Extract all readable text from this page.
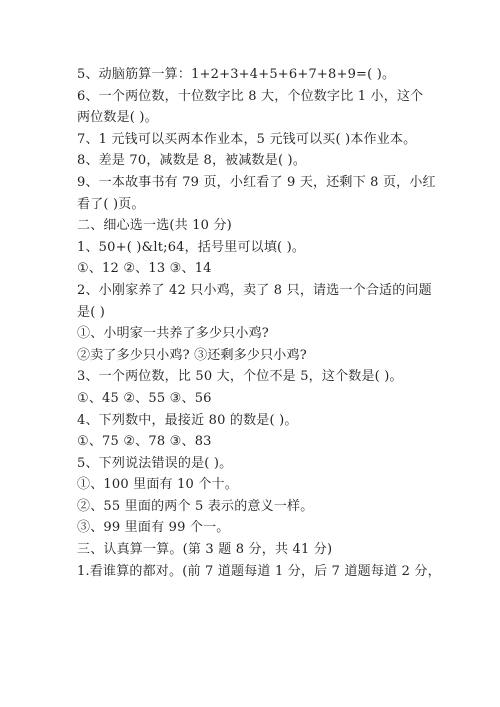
5、动脑筋算一算：1+2+3+4+5+6+7+8+9=( )。
6、一个两位数，十位数字比 8 大，个位数字比 1 小，这个
两位数是( )。
7、1 元钱可以买两本作业本，5 元钱可以买( )本作业本。
8、差是 70，减数是 8，被减数是( )。
9、一本故事书有 79 页，小红看了 9 天，还剩下 8 页，小红
看了( )页。
二、细心选一选(共 10 分)
1、50+( )&lt;64，括号里可以填( )。
①、12 ②、13 ③、14
2、小刚家养了 42 只小鸡，卖了 8 只，请选一个合适的问题
是( )
①、小明家一共养了多少只小鸡?
②卖了多少只小鸡? ③还剩多少只小鸡?
3、一个两位数，比 50 大，个位不是 5，这个数是( )。
①、45 ②、55 ③、56
4、下列数中，最接近 80 的数是( )。
①、75 ②、78 ③、83
5、下列说法错误的是( )。
①、100 里面有 10 个十。
②、55 里面的两个 5 表示的意义一样。
③、99 里面有 99 个一。
三、认真算一算。(第 3 题 8 分，共 41 分)
1.看谁算的都对。(前 7 道题每道 1 分，后 7 道题每道 2 分，
